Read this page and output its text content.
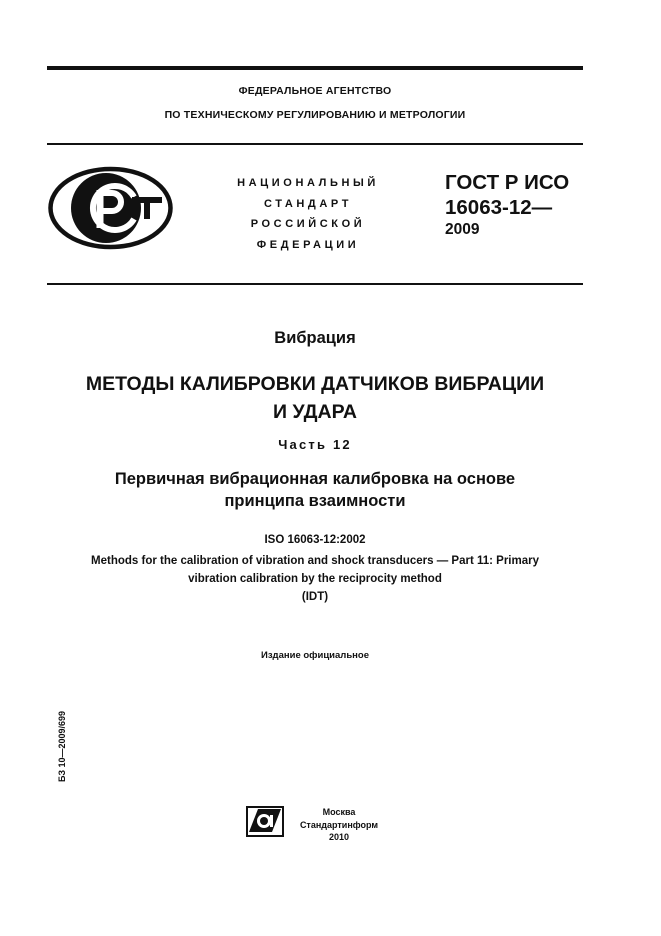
ФЕДЕРАЛЬНОЕ АГЕНТСТВО
ПО ТЕХНИЧЕСКОМУ РЕГУЛИРОВАНИЮ И МЕТРОЛОГИИ
НАЦИОНАЛЬНЫЙ
СТАНДАРТ
РОССИЙСКОЙ
ФЕДЕРАЦИИ
ГОСТ Р ИСО
16063-12—
2009
Вибрация
МЕТОДЫ КАЛИБРОВКИ ДАТЧИКОВ ВИБРАЦИИ
И УДАРА
Часть 12
Первичная вибрационная калибровка на основе
принципа взаимности
ISO 16063-12:2002
Methods for the calibration of vibration and shock transducers — Part 11: Primary
vibration calibration by the reciprocity method
(IDT)
Издание официальное
БЗ 10—2009/699
Москва
Стандартинформ
2010
